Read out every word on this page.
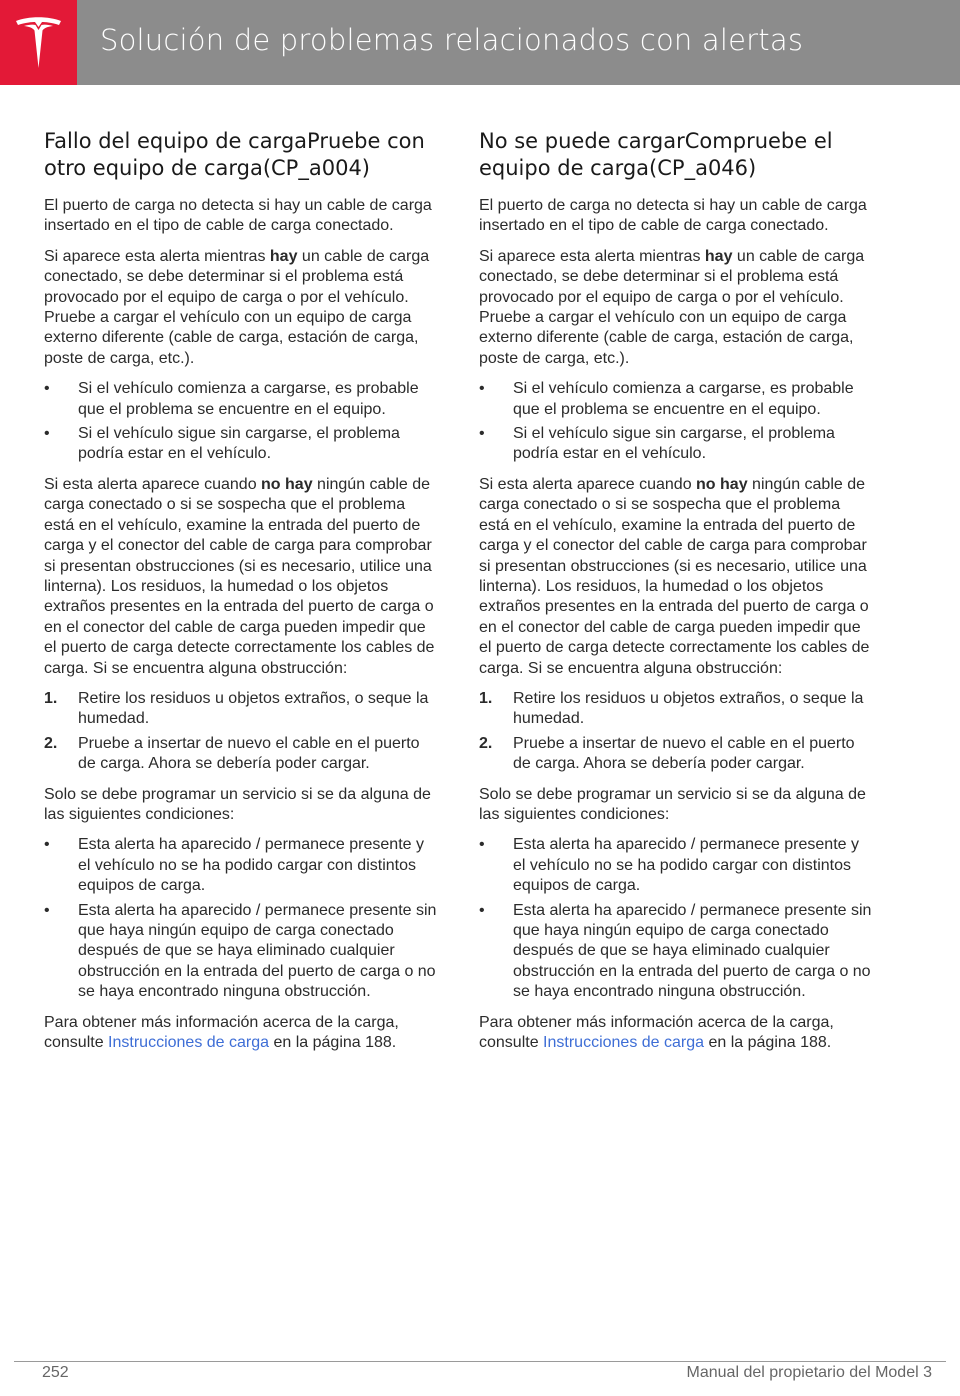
Solución de problemas relacionados con alertas
Fallo del equipo de cargaPruebe con otro equipo de carga(CP_a004)

El puerto de carga no detecta si hay un cable de carga insertado en el tipo de cable de carga conectado.

Si aparece esta alerta mientras hay un cable de carga conectado, se debe determinar si el problema está provocado por el equipo de carga o por el vehículo. Pruebe a cargar el vehículo con un equipo de carga externo diferente (cable de carga, estación de carga, poste de carga, etc.).

• Si el vehículo comienza a cargarse, es probable que el problema se encuentre en el equipo.
• Si el vehículo sigue sin cargarse, el problema podría estar en el vehículo.

Si esta alerta aparece cuando no hay ningún cable de carga conectado o si se sospecha que el problema está en el vehículo, examine la entrada del puerto de carga y el conector del cable de carga para comprobar si presentan obstrucciones (si es necesario, utilice una linterna). Los residuos, la humedad o los objetos extraños presentes en la entrada del puerto de carga o en el conector del cable de carga pueden impedir que el puerto de carga detecte correctamente los cables de carga. Si se encuentra alguna obstrucción:

1. Retire los residuos u objetos extraños, o seque la humedad.
2. Pruebe a insertar de nuevo el cable en el puerto de carga. Ahora se debería poder cargar.

Solo se debe programar un servicio si se da alguna de las siguientes condiciones:

• Esta alerta ha aparecido / permanece presente y el vehículo no se ha podido cargar con distintos equipos de carga.
• Esta alerta ha aparecido / permanece presente sin que haya ningún equipo de carga conectado después de que se haya eliminado cualquier obstrucción en la entrada del puerto de carga o no se haya encontrado ninguna obstrucción.

Para obtener más información acerca de la carga, consulte Instrucciones de carga en la página 188.

No se puede cargarCompruebe el equipo de carga(CP_a046)

El puerto de carga no detecta si hay un cable de carga insertado en el tipo de cable de carga conectado.

Si aparece esta alerta mientras hay un cable de carga conectado, se debe determinar si el problema está provocado por el equipo de carga o por el vehículo. Pruebe a cargar el vehículo con un equipo de carga externo diferente (cable de carga, estación de carga, poste de carga, etc.).

• Si el vehículo comienza a cargarse, es probable que el problema se encuentre en el equipo.
• Si el vehículo sigue sin cargarse, el problema podría estar en el vehículo.

Si esta alerta aparece cuando no hay ningún cable de carga conectado o si se sospecha que el problema está en el vehículo, examine la entrada del puerto de carga y el conector del cable de carga para comprobar si presentan obstrucciones (si es necesario, utilice una linterna). Los residuos, la humedad o los objetos extraños presentes en la entrada del puerto de carga o en el conector del cable de carga pueden impedir que el puerto de carga detecte correctamente los cables de carga. Si se encuentra alguna obstrucción:

1. Retire los residuos u objetos extraños, o seque la humedad.
2. Pruebe a insertar de nuevo el cable en el puerto de carga. Ahora se debería poder cargar.

Solo se debe programar un servicio si se da alguna de las siguientes condiciones:

• Esta alerta ha aparecido / permanece presente y el vehículo no se ha podido cargar con distintos equipos de carga.
• Esta alerta ha aparecido / permanece presente sin que haya ningún equipo de carga conectado después de que se haya eliminado cualquier obstrucción en la entrada del puerto de carga o no se haya encontrado ninguna obstrucción.

Para obtener más información acerca de la carga, consulte Instrucciones de carga en la página 188.

252	Manual del propietario del Model 3
